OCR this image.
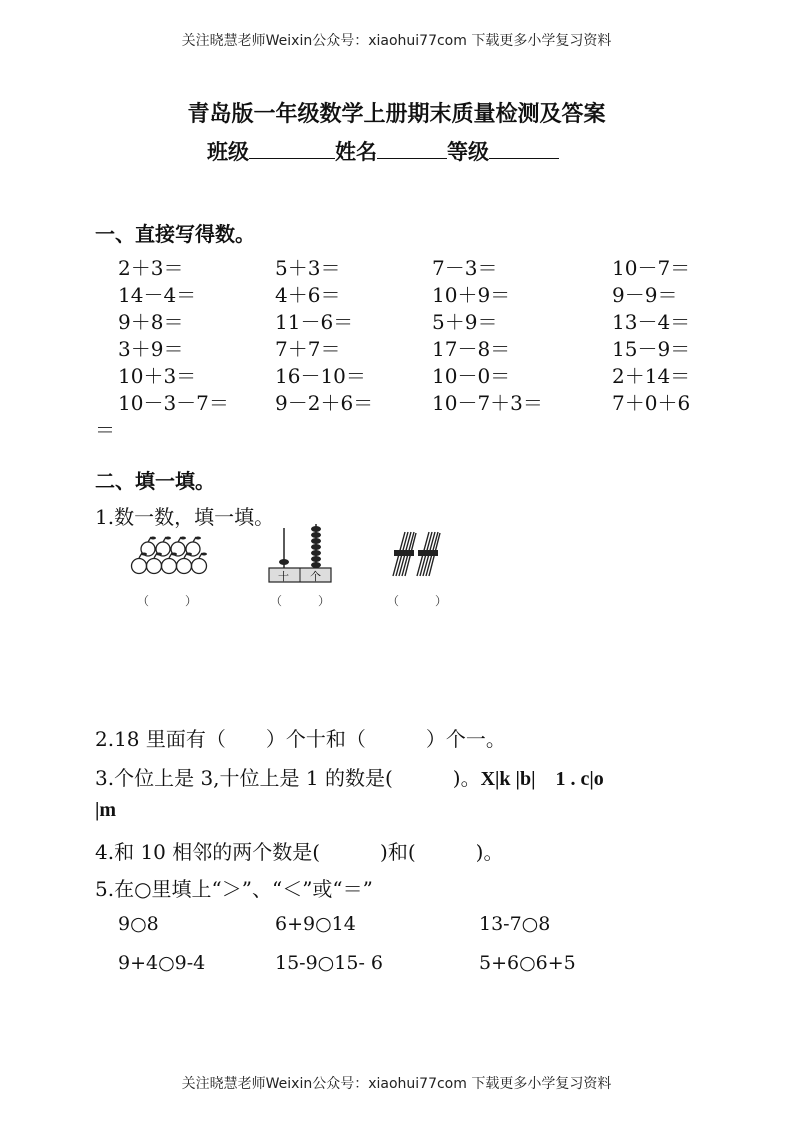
关注晓慧老师Weixin公众号：xiaohui77com 下载更多小学复习资料
关注晓慧老师Weixin公众号：xiaohui77com 下载更多小学复习资料
青岛版一年级数学上册期末质量检测及答案
班级	姓名	等级
一、直接写得数。
2＋3＝	5＋3＝	7－3＝	10－7＝
14－4＝	4＋6＝	10＋9＝	9－9＝
9＋8＝	11－6＝	5＋9＝	13－4＝
3＋9＝	7＋7＝	17－8＝	15－9＝
10＋3＝	16－10＝	10－0＝	2＋14＝
10－3－7＝ 9－2＋6＝	10－7＋3＝	7＋0＋6
＝
二、填一填。
1.数一数，填一填。
十 个
（　　　）	（　　　）	（　　　）
2.18 里面有（　　）个十和（　　　）个一。
3.个位上是 3,十位上是 1 的数是(　　　)。X|k |b|　1 . c|o
|m
4.和 10 相邻的两个数是(　　　)和(　　　)。
5.在○里填上“＞”、“＜”或“＝”
9○8	6+9○14	13-7○8
9+4○9-4	15-9○15- 6	5+6○6+5
